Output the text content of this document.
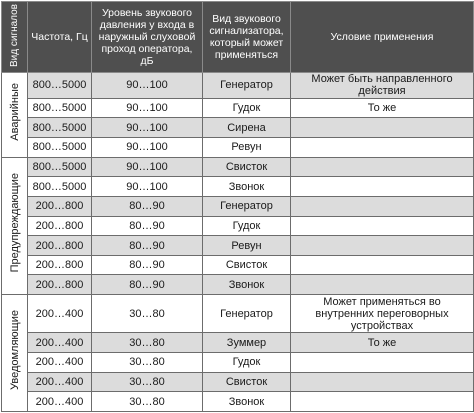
Вид сигналов	Частота, Гц	Уровень звукового давления у входа в наружный слуховой проход оператора, дБ	Вид звукового сигнализатора, который может применяться	Условие применения
Аварийные	800…5000	90…100	Генератор	Может быть направленного действия
	800…5000	90…100	Гудок	То же
	800…5000	90…100	Сирена	
	800…5000	90…100	Ревун	
Предупреждающие	800…5000	90…100	Свисток	
	800…5000	90…100	Звонок	
	200…800	80…90	Генератор	
	200…800	80…90	Гудок	
	200…800	80…90	Ревун	
	200…800	80…90	Свисток	
	200…800	80…90	Звонок	
Уведомляющие	200…400	30…80	Генератор	Может применяться во внутренних переговорных устройствах
	200…400	30…80	Зуммер	То же
	200…400	30…80	Гудок	
	200…400	30…80	Свисток	
	200…400	30…80	Звонок	
